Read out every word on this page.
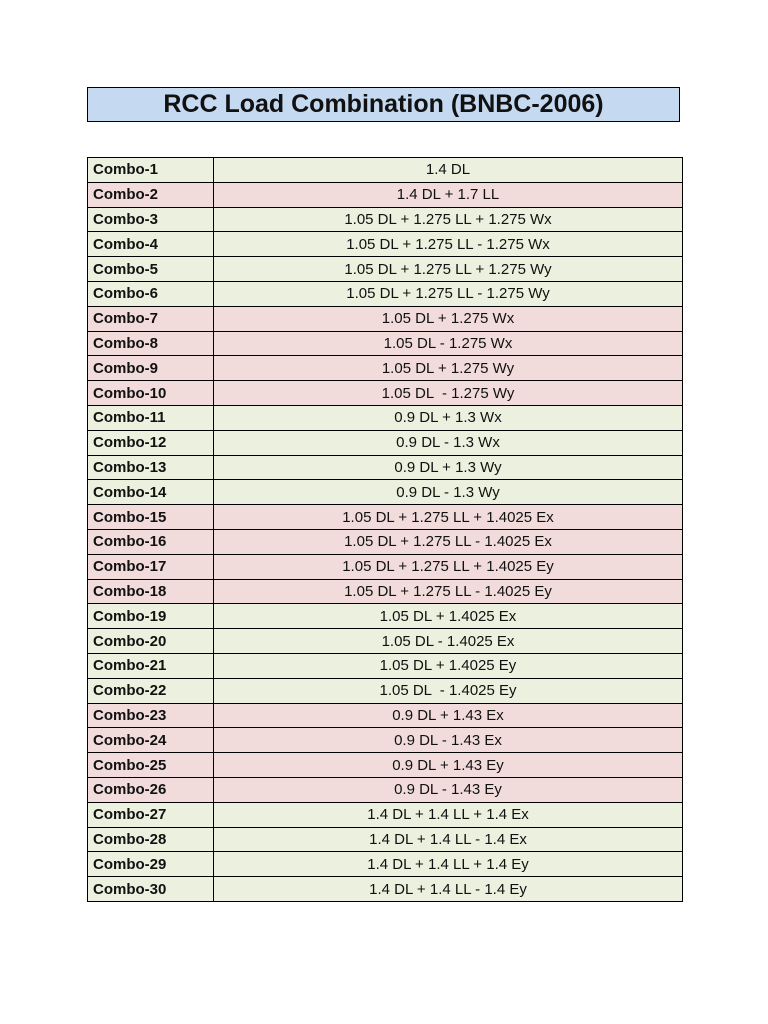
RCC Load Combination (BNBC-2006)
Combo-1	1.4 DL
Combo-2	1.4 DL + 1.7 LL
Combo-3	1.05 DL + 1.275 LL + 1.275 Wx
Combo-4	1.05 DL + 1.275 LL - 1.275 Wx
Combo-5	1.05 DL + 1.275 LL + 1.275 Wy
Combo-6	1.05 DL + 1.275 LL - 1.275 Wy
Combo-7	1.05 DL + 1.275 Wx
Combo-8	1.05 DL - 1.275 Wx
Combo-9	1.05 DL + 1.275 Wy
Combo-10	1.05 DL  - 1.275 Wy
Combo-11	0.9 DL + 1.3 Wx
Combo-12	0.9 DL - 1.3 Wx
Combo-13	0.9 DL + 1.3 Wy
Combo-14	0.9 DL - 1.3 Wy
Combo-15	1.05 DL + 1.275 LL + 1.4025 Ex
Combo-16	1.05 DL + 1.275 LL - 1.4025 Ex
Combo-17	1.05 DL + 1.275 LL + 1.4025 Ey
Combo-18	1.05 DL + 1.275 LL - 1.4025 Ey
Combo-19	1.05 DL + 1.4025 Ex
Combo-20	1.05 DL - 1.4025 Ex
Combo-21	1.05 DL + 1.4025 Ey
Combo-22	1.05 DL  - 1.4025 Ey
Combo-23	0.9 DL + 1.43 Ex
Combo-24	0.9 DL - 1.43 Ex
Combo-25	0.9 DL + 1.43 Ey
Combo-26	0.9 DL - 1.43 Ey
Combo-27	1.4 DL + 1.4 LL + 1.4 Ex
Combo-28	1.4 DL + 1.4 LL - 1.4 Ex
Combo-29	1.4 DL + 1.4 LL + 1.4 Ey
Combo-30	1.4 DL + 1.4 LL - 1.4 Ey
